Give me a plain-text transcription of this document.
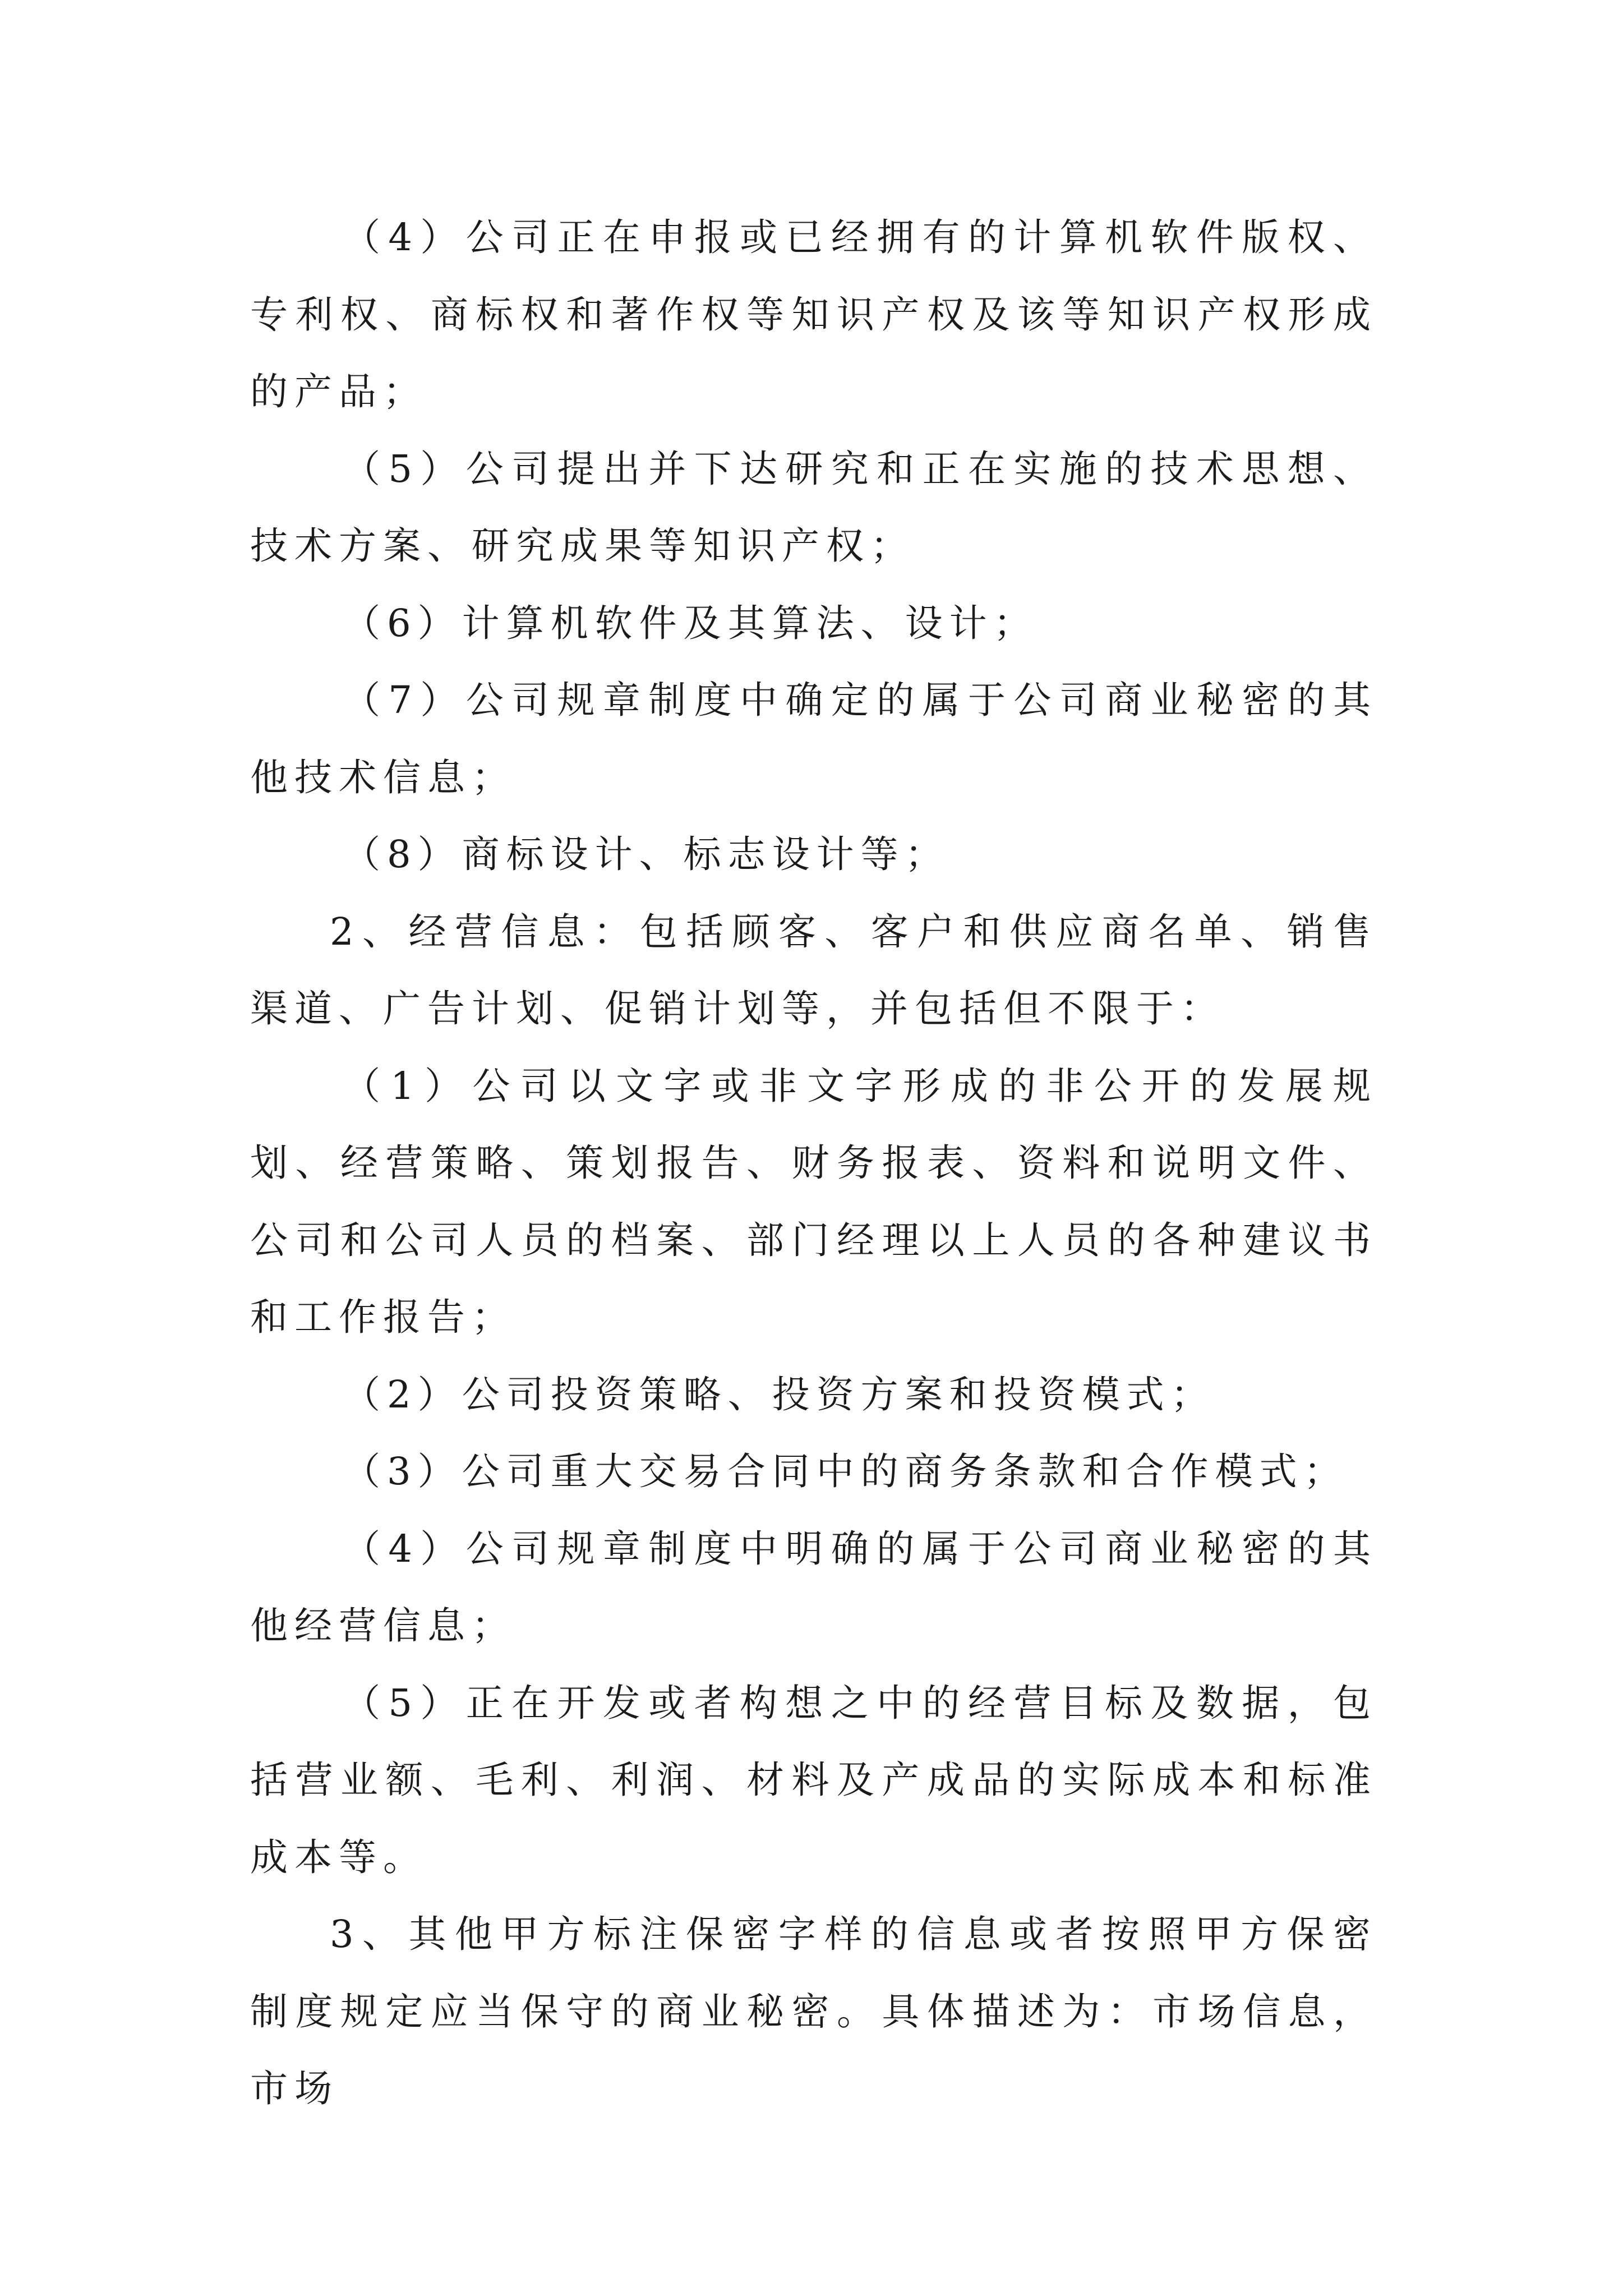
（4）公司正在申报或已经拥有的计算机软件版权、专利权、商标权和著作权等知识产权及该等知识产权形成的产品；

（5）公司提出并下达研究和正在实施的技术思想、技术方案、研究成果等知识产权；

（6）计算机软件及其算法、设计；

（7）公司规章制度中确定的属于公司商业秘密的其他技术信息；

（8）商标设计、标志设计等；

2、经营信息：包括顾客、客户和供应商名单、销售渠道、广告计划、促销计划等，并包括但不限于：

（1）公司以文字或非文字形成的非公开的发展规划、经营策略、策划报告、财务报表、资料和说明文件、公司和公司人员的档案、部门经理以上人员的各种建议书和工作报告；

（2）公司投资策略、投资方案和投资模式；

（3）公司重大交易合同中的商务条款和合作模式；

（4）公司规章制度中明确的属于公司商业秘密的其他经营信息；

（5）正在开发或者构想之中的经营目标及数据，包括营业额、毛利、利润、材料及产成品的实际成本和标准成本等。

3、其他甲方标注保密字样的信息或者按照甲方保密制度规定应当保守的商业秘密。具体描述为：市场信息，市场
